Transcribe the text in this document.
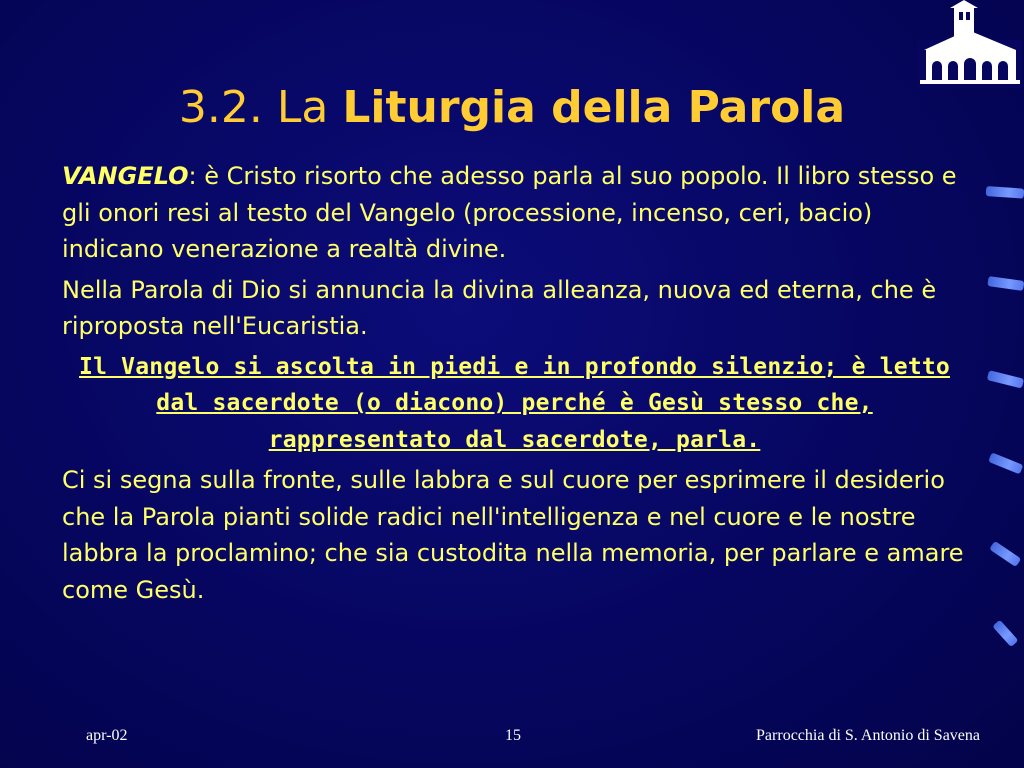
3.2. La Liturgia della Parola

VANGELO: è Cristo risorto che adesso parla al suo popolo. Il libro stesso e gli onori resi al testo del Vangelo (processione, incenso, ceri, bacio) indicano venerazione a realtà divine.

Nella Parola di Dio si annuncia la divina alleanza, nuova ed eterna, che è riproposta nell'Eucaristia.

Il Vangelo si ascolta in piedi e in profondo silenzio; è letto dal sacerdote (o diacono) perché è Gesù stesso che, rappresentato dal sacerdote, parla.

Ci si segna sulla fronte, sulle labbra e sul cuore per esprimere il desiderio che la Parola pianti solide radici nell'intelligenza e nel cuore e le nostre labbra la proclamino; che sia custodita nella memoria, per parlare e amare come Gesù.

apr-02	15	Parrocchia di S. Antonio di Savena
